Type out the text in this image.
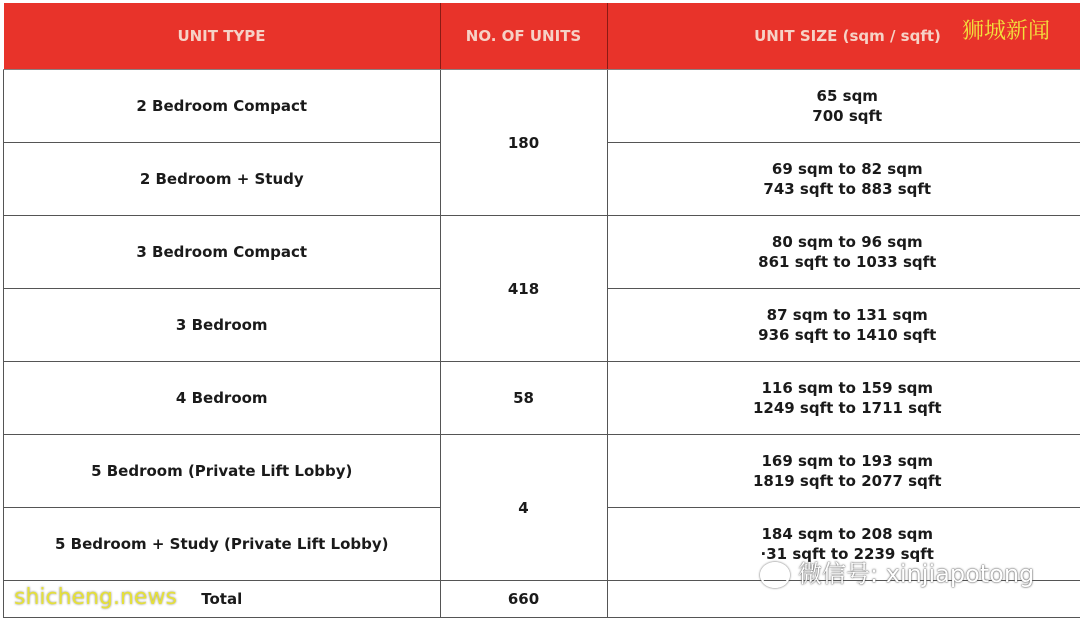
UNIT TYPE	NO. OF UNITS	UNIT SIZE (sqm / sqft)
2 Bedroom Compact	180	65 sqm
700 sqft

2 Bedroom + Study		69 sqm to 82 sqm
743 sqft to 883 sqft

3 Bedroom Compact	418	80 sqm to 96 sqm
861 sqft to 1033 sqft

3 Bedroom		87 sqm to 131 sqm
936 sqft to 1410 sqft

4 Bedroom	58	116 sqm to 159 sqm
1249 sqft to 1711 sqft

5 Bedroom (Private Lift Lobby)	4	169 sqm to 193 sqm
1819 sqft to 2077 sqft

5 Bedroom + Study (Private Lift Lobby)		184 sqm to 208 sqm
·31 sqft to 2239 sqft

Total	660	
狮城新闻
shicheng.news
微信号: xinjiapotong
